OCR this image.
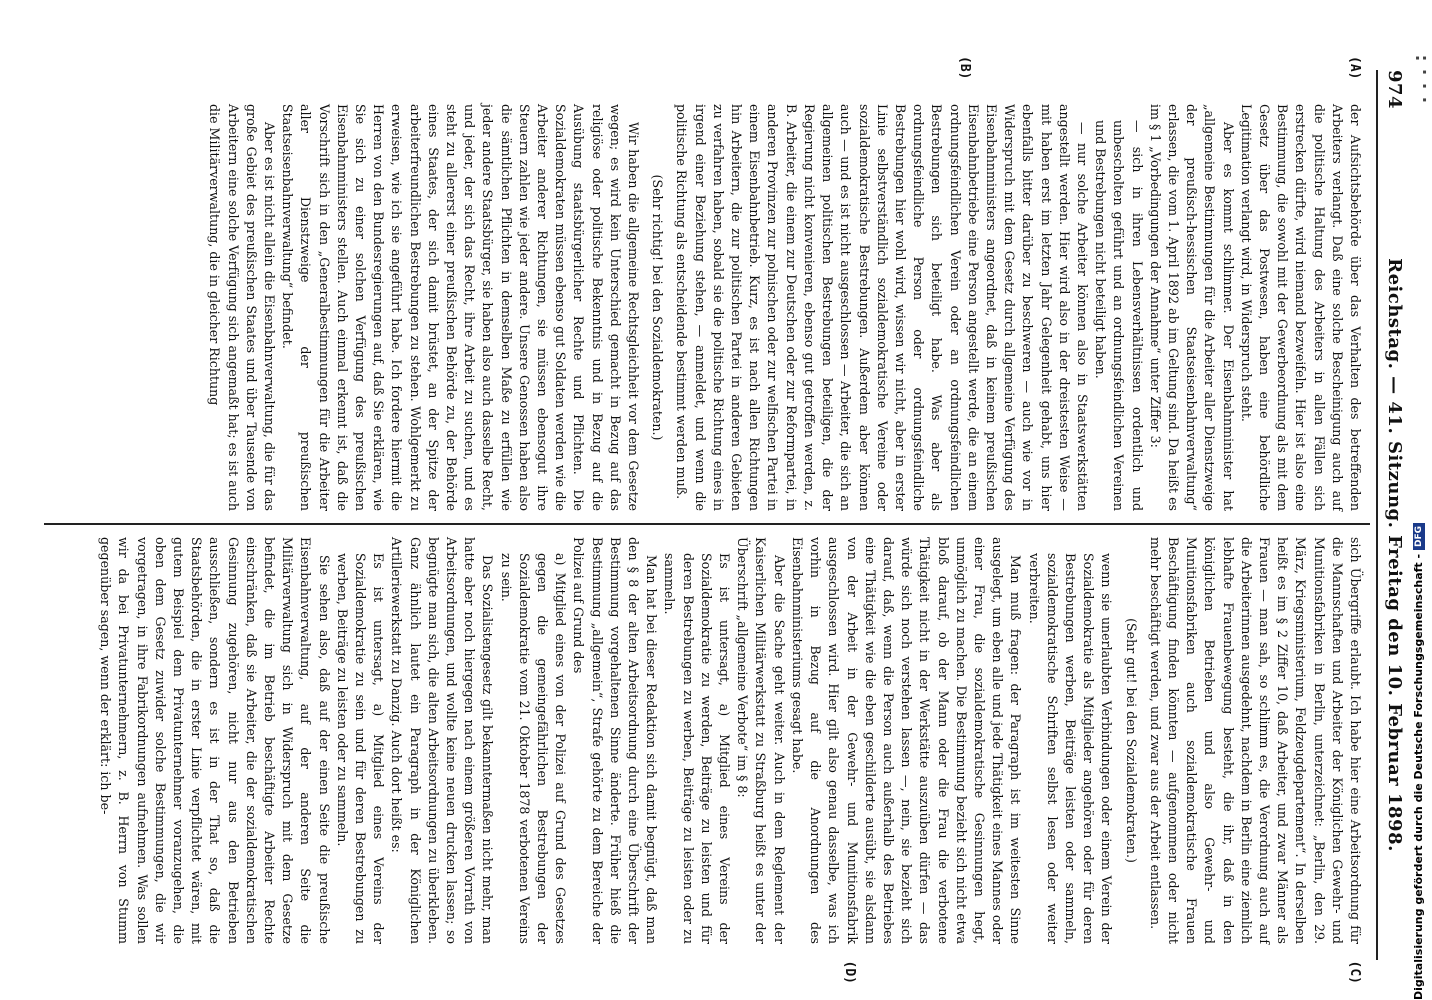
▪ ▪ ▪ ▪ ▪
974
Reichstag. — 41. Sitzung. Freitag den 10. Februar 1898.
(A)
(B)
(C)
(D)

der Aufsichtsbehörde über das Verhalten des betreffenden Arbeiters verlangt. Daß eine solche Bescheinigung auch auf die politische Haltung des Arbeiters in allen Fällen sich erstrecken dürfte, wird niemand bezweifeln. Hier ist also eine Bestimmung, die sowohl mit der Gewerbeordnung als mit dem Gesetz über das Postwesen, haben eine behördliche Legitimation verlangt wird, in Widerspruch steht.

Aber es kommt schlimmer. Der Eisenbahnminister hat „allgemeine Bestimmungen für die Arbeiter aller Dienstzweige der preußisch-hessischen Staatseisenbahnverwaltung“ erlassen, die vom 1. April 1892 ab im Geltung sind. Da heißt es im § 1 „Vorbedingungen der Annahme“ unter Ziffer 3:

— sich in ihren Lebensverhältnissen ordentlich und unbescholten geführt und an ordnungsfeindlichen Vereinen und Bestrebungen nicht beteiligt haben.

— nur solche Arbeiter können also in Staatswerkstätten angestellt werden. Hier wird also in der dreistesten Weise — mit haben erst im letzten Jahr Gelegenheit gehabt, uns hier ebenfalls bitter darüber zu beschweren — auch wie vor in Widerspruch mit dem Gesetz durch allgemeine Verfügung des Eisenbahnministers angeordnet, daß in keinem preußischen Eisenbahnbetriebe eine Person angestellt werde, die an einem ordnungsfeindlichen Verein oder an ordnungsfeindlichen Bestrebungen sich beteiligt habe. Was aber als ordnungsfeindliche Person oder ordnungsfeindliche Bestrebungen hier wohl wird, wissen wir nicht, aber in erster Linie selbstverständlich sozialdemokratische Vereine oder sozialdemokratische Bestrebungen. Außerdem aber können auch — und es ist nicht ausgeschlossen — Arbeiter, die sich an allgemeinen politischen Bestrebungen beteiligen, die der Regierung nicht konvenieren, ebenso gut getroffen werden, z. B. Arbeiter, die einem zur Deutschen oder zur Reformpartei, in anderen Provinzen zur polnischen oder zur welfischen Partei in einem Eisenbahnbetrieb. Kurz, es ist nach allen Richtungen hin Arbeitern, die zur politischen Partei in anderen Gebieten zu verfahren haben, sobald sie die politische Richtung eines in irgend einer Beziehung stehen, — anmeldet, und wenn die politische Richtung als entscheidende bestimmt werden muß.

(Sehr richtig! bei den Sozialdemokraten.)

Wir haben die allgemeine Rechtsgleichheit vor dem Gesetze wegen; es wird kein Unterschied gemacht in Bezug auf das religiöse oder politische Bekenntnis und in Bezug auf die Ausübung staatsbürgerlicher Rechte und Pflichten. Die Sozialdemokraten müssen ebenso gut Soldaten werden wie die Arbeiter anderer Richtungen, sie müssen ebensogut ihre Steuern zahlen wie jeder andere. Unsere Genossen haben also die sämtlichen Pflichten in demselben Maße zu erfüllen wie jeder andere Staatsbürger, sie haben also auch dasselbe Recht, und jeder, der sich das Recht, ihre Arbeit zu suchen, und es steht zu allererst einer preußischen Behörde zu, der Behörde eines Staates, der sich damit brüstet, an der Spitze der arbeiterfreundlichen Bestrebungen zu stehen. Wohlgemerkt zu erweisen, wie ich sie angeführt habe. Ich fordere hiermit die Herren von den Bundesregierungen auf, daß Sie erklären, wie Sie sich zu einer solchen Verfügung des preußischen Eisenbahnministers stellen. Auch einmal erkennt ist, daß die Vorschrift sich in den „Generalbestimmungen für die Arbeiter aller Dienstzweige der preußischen Staatseisenbahnverwaltung“ befindet.

Aber es ist nicht allein die Eisenbahnverwaltung, die für das große Gebiet des preußischen Staates und über Tausende von Arbeitern eine solche Verfügung sich angemaßt hat; es ist auch die Militärverwaltung, die in gleicher Richtung

sich Übergriffe erlaubt. Ich habe hier eine Arbeitsordnung für die Mannschaften und Arbeiter der Königlichen Gewehr- und Munitionsfabriken in Berlin, unterzeichnet: „Berlin, den 29. März, Kriegsministerium, Feldzeugdepartement“. In derselben heißt es im § 2 Ziffer 10, daß Arbeiter, und zwar Männer als Frauen — man sah, so schlimm es, die Verordnung auch auf die Arbeiterinnen ausgedehnt, nachdem in Berlin eine ziemlich lebhafte Frauenbewegung besteht, die ihr, daß in den königlichen Betrieben und also Gewehr- und Munitionsfabriken auch sozialdemokratische Frauen Beschäftigung finden könnten — aufgenommen oder nicht mehr beschäftigt werden, und zwar aus der Arbeit entlassen.

(Sehr gut! bei den Sozialdemokraten.)

wenn sie unerlaubten Verbindungen oder einem Verein der Sozialdemokratie als Mitglieder angehören oder für deren Bestrebungen werben, Beiträge leisten oder sammeln, sozialdemokratische Schriften selbst lesen oder weiter verbreiten.

Man muß fragen: der Paragraph ist im weitesten Sinne ausgelegt, um eben alle und jede Thätigkeit eines Mannes oder einer Frau, die sozialdemokratische Gesinnungen hegt, unmöglich zu machen. Die Bestimmung bezieht sich nicht etwa bloß darauf, ob der Mann oder die Frau die verbotene Thätigkeit nicht in der Werkstätte auszuüben dürfen — das würde sich noch verstehen lassen —, nein, sie bezieht sich darauf, daß, wenn die Person auch außerhalb des Betriebes eine Thätigkeit wie die eben geschilderte ausübt, sie alsdann von der Arbeit in der Gewehr- und Munitionsfabrik ausgeschlossen wird. Hier gilt also genau dasselbe, was ich vorhin in Bezug auf die Anordnungen des Eisenbahnministeriums gesagt habe.

Aber die Sache geht weiter. Auch in dem Reglement der Kaiserlichen Militärwerkstatt zu Straßburg heißt es unter der Überschrift „allgemeine Verbote“ im § 8:

Es ist untersagt, a) Mitglied eines Vereins der Sozialdemokratie zu werden, Beiträge zu leisten und für deren Bestrebungen zu werben, Beiträge zu leisten oder zu sammeln.

Man hat bei dieser Redaktion sich damit begnügt, daß man den § 8 der alten Arbeitsordnung durch eine Überschrift der Bestimmung vorgehaltenen Sinne änderte. Früher hieß die Bestimmung „allgemein“, Strafe gehörte zu dem Bereiche der Polizei auf Grund des

a) Mitglied eines von der Polizei auf Grund des Gesetzes gegen die gemeingefährlichen Bestrebungen der Sozialdemokratie vom 21. Oktober 1878 verbotenen Vereins zu sein.

Das Sozialistengesetz gilt bekanntermaßen nicht mehr, man hatte aber noch hiergegen nach einem größeren Vorrath von Arbeitsordnungen, und wollte keine neuen drucken lassen; so begnügte man sich, die alten Arbeitsordnungen zu überkleben. Ganz ähnlich lautet ein Paragraph in der Königlichen Artilleriewerkstatt zu Danzig. Auch dort heißt es:

Es ist untersagt, a) Mitglied eines Vereins der Sozialdemokratie zu sein und für deren Bestrebungen zu werben, Beiträge zu leisten oder zu sammeln.

Sie sehen also, daß auf der einen Seite die preußische Eisenbahnverwaltung, auf der anderen Seite die Militärverwaltung sich in Widerspruch mit dem Gesetze befindet, die im Betrieb beschäftigte Arbeiter Rechte einschränken, daß sie Arbeiter, die der sozialdemokratischen Gesinnung zugehören, nicht nur aus den Betrieben ausschließen, sondern es ist in der That so, daß die Staatsbehörden, die in erster Linie verpflichtet wären, mit gutem Beispiel dem Privatunternehmer voranzugehen, die oben dem Gesetz zuwider solche Bestimmungen, die wir vorgetragen, in ihre Fabrikordnungen aufnehmen. Was sollen wir da bei Privatunternehmern, z. B. Herrn von Stumm gegenüber sagen, wenn der erklärt: ich be-	Digitalisierung gefördert durch die Deutsche Forschungsgemeinschaft -
DFG
